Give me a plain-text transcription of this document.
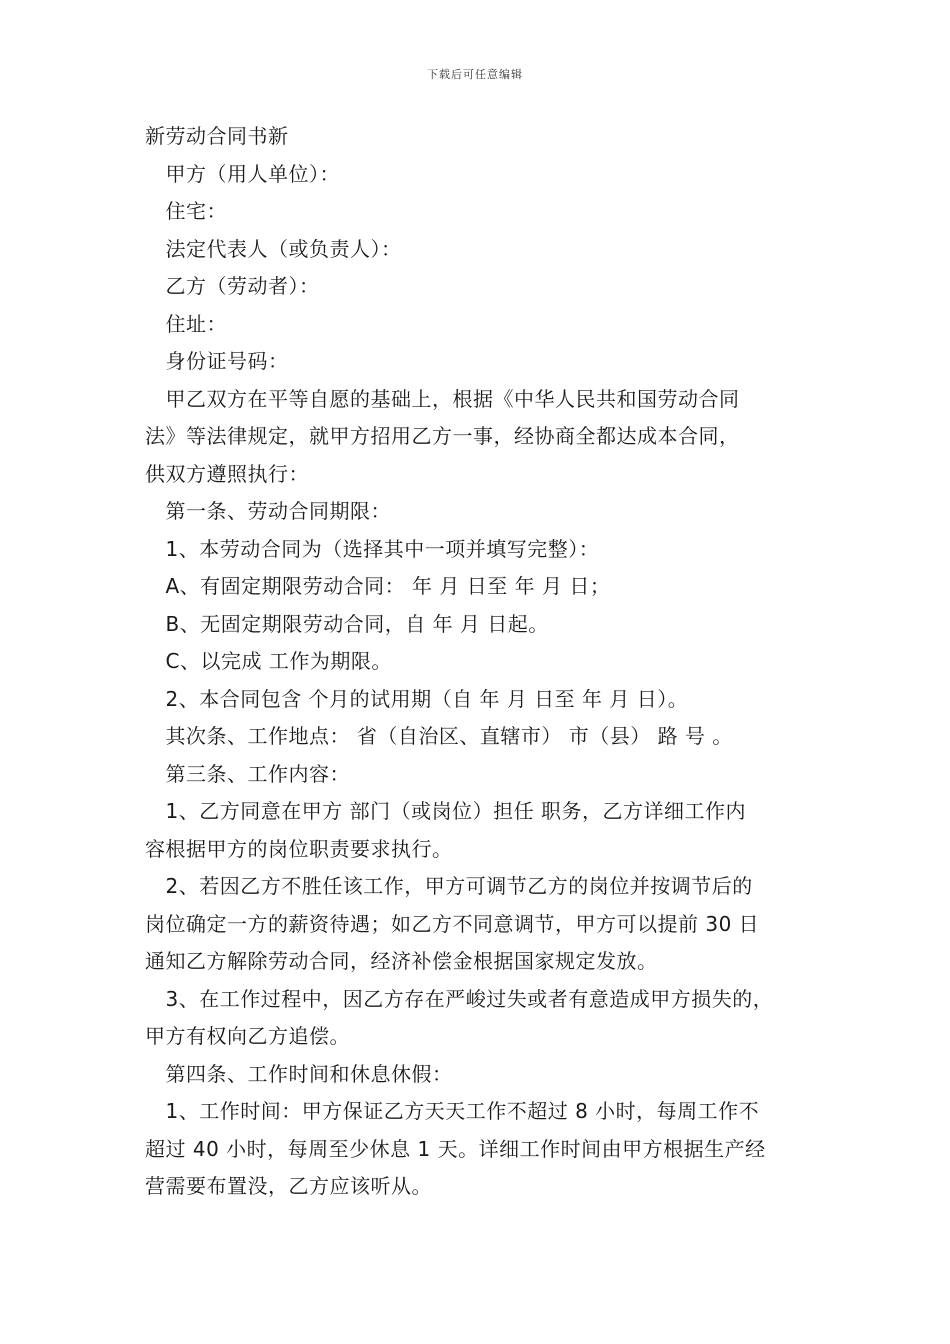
下载后可任意编辑
新劳动合同书新
　甲方（用人单位）：
　住宅：
　法定代表人（或负责人）：
　乙方（劳动者）：
　住址：
　身份证号码：
　甲乙双方在平等自愿的基础上，根据《中华人民共和国劳动合同
法》等法律规定，就甲方招用乙方一事，经协商全都达成本合同，
供双方遵照执行：
　第一条、劳动合同期限：
　1、本劳动合同为（选择其中一项并填写完整）：
　A、有固定期限劳动合同： 年 月 日至 年 月 日；
　B、无固定期限劳动合同，自 年 月 日起。
　C、以完成 工作为期限。
　2、本合同包含 个月的试用期（自 年 月 日至 年 月 日）。
　其次条、工作地点： 省（自治区、直辖市） 市（县） 路 号 。
　第三条、工作内容：
　1、乙方同意在甲方 部门（或岗位）担任 职务，乙方详细工作内
容根据甲方的岗位职责要求执行。
　2、若因乙方不胜任该工作，甲方可调节乙方的岗位并按调节后的
岗位确定一方的薪资待遇；如乙方不同意调节，甲方可以提前 30 日
通知乙方解除劳动合同，经济补偿金根据国家规定发放。
　3、在工作过程中，因乙方存在严峻过失或者有意造成甲方损失的，
甲方有权向乙方追偿。
　第四条、工作时间和休息休假：
　1、工作时间：甲方保证乙方天天工作不超过 8 小时，每周工作不
超过 40 小时，每周至少休息 1 天。详细工作时间由甲方根据生产经
营需要布置没，乙方应该听从。
